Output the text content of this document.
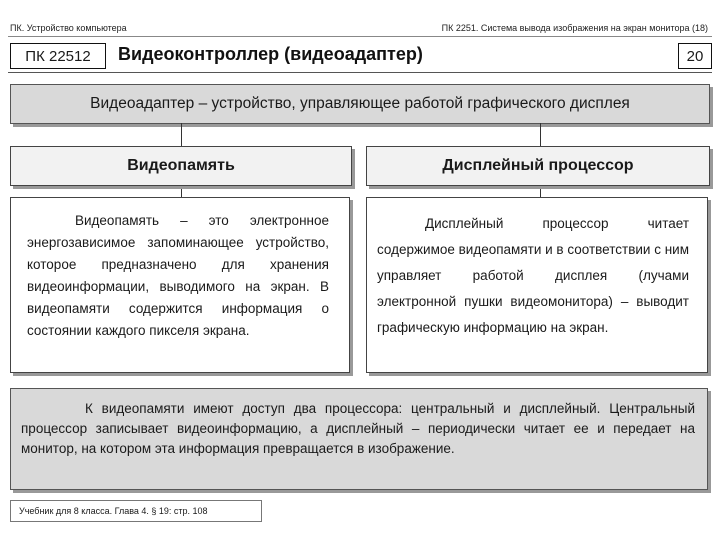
ПК. Устройство компьютера	ПК 2251. Система вывода изображения на экран монитора (18)
ПК 22512	Видеоконтроллер (видеоадаптер)	20
Видеоадаптер – устройство, управляющее работой графического дисплея
Видеопамять	Дисплейный процессор

Видеопамять – это электронное энергозависимое запоминающее устройство, которое предназначено для хранения видеоинформации, выводимого на экран. В видеопамяти содержится информация о состоянии каждого пикселя экрана.

Дисплейный процессор читает содержимое видеопамяти и в соответствии с ним управляет работой дисплея (лучами электронной пушки видеомонитора) – выводит графическую информацию на экран.

К видеопамяти имеют доступ два процессора: центральный и дисплейный. Центральный процессор записывает видеоинформацию, а дисплейный – периодически читает ее и передает на монитор, на котором эта информация превращается в изображение.

Учебник для 8 класса. Глава 4. § 19: стр. 108
